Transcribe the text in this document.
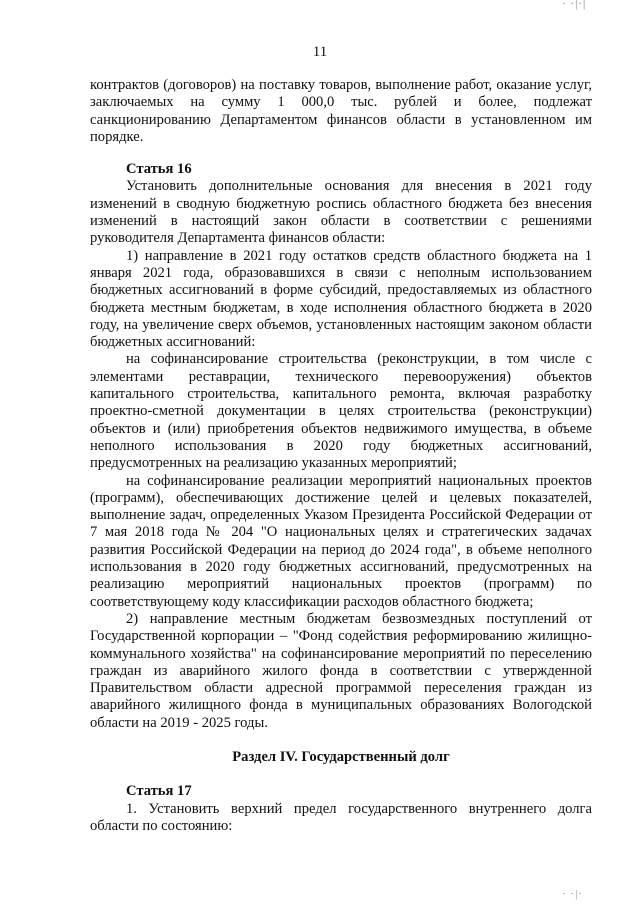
· ·|·|
11

контрактов (договоров) на поставку товаров, выполнение работ, оказание услуг, заключаемых на сумму 1 000,0 тыс. рублей и более, подлежат санкционированию Департаментом финансов области в установленном им порядке.

Статья 16

Установить дополнительные основания для внесения в 2021 году изменений в сводную бюджетную роспись областного бюджета без внесения изменений в настоящий закон области в соответствии с решениями руководителя Департамента финансов области:

1) направление в 2021 году остатков средств областного бюджета на 1 января 2021 года, образовавшихся в связи с неполным использованием бюджетных ассигнований в форме субсидий, предоставляемых из областного бюджета местным бюджетам, в ходе исполнения областного бюджета в 2020 году, на увеличение сверх объемов, установленных настоящим законом области бюджетных ассигнований:

на софинансирование строительства (реконструкции, в том числе с элементами реставрации, технического перевооружения) объектов капитального строительства, капитального ремонта, включая разработку проектно-сметной документации в целях строительства (реконструкции) объектов и (или) приобретения объектов недвижимого имущества, в объеме неполного использования в 2020 году бюджетных ассигнований, предусмотренных на реализацию указанных мероприятий;

на софинансирование реализации мероприятий национальных проектов (программ), обеспечивающих достижение целей и целевых показателей, выполнение задач, определенных Указом Президента Российской Федерации от 7 мая 2018 года № 204 "О национальных целях и стратегических задачах развития Российской Федерации на период до 2024 года", в объеме неполного использования в 2020 году бюджетных ассигнований, предусмотренных на реализацию мероприятий национальных проектов (программ) по соответствующему коду классификации расходов областного бюджета;

2) направление местным бюджетам безвозмездных поступлений от Государственной корпорации – "Фонд содействия реформированию жилищно-коммунального хозяйства" на софинансирование мероприятий по переселению граждан из аварийного жилого фонда в соответствии с утвержденной Правительством области адресной программой переселения граждан из аварийного жилищного фонда в муниципальных образованиях Вологодской области на 2019 - 2025 годы.

Раздел IV. Государственный долг

Статья 17

1. Установить верхний предел государственного внутреннего долга области по состоянию:

· ·|·
